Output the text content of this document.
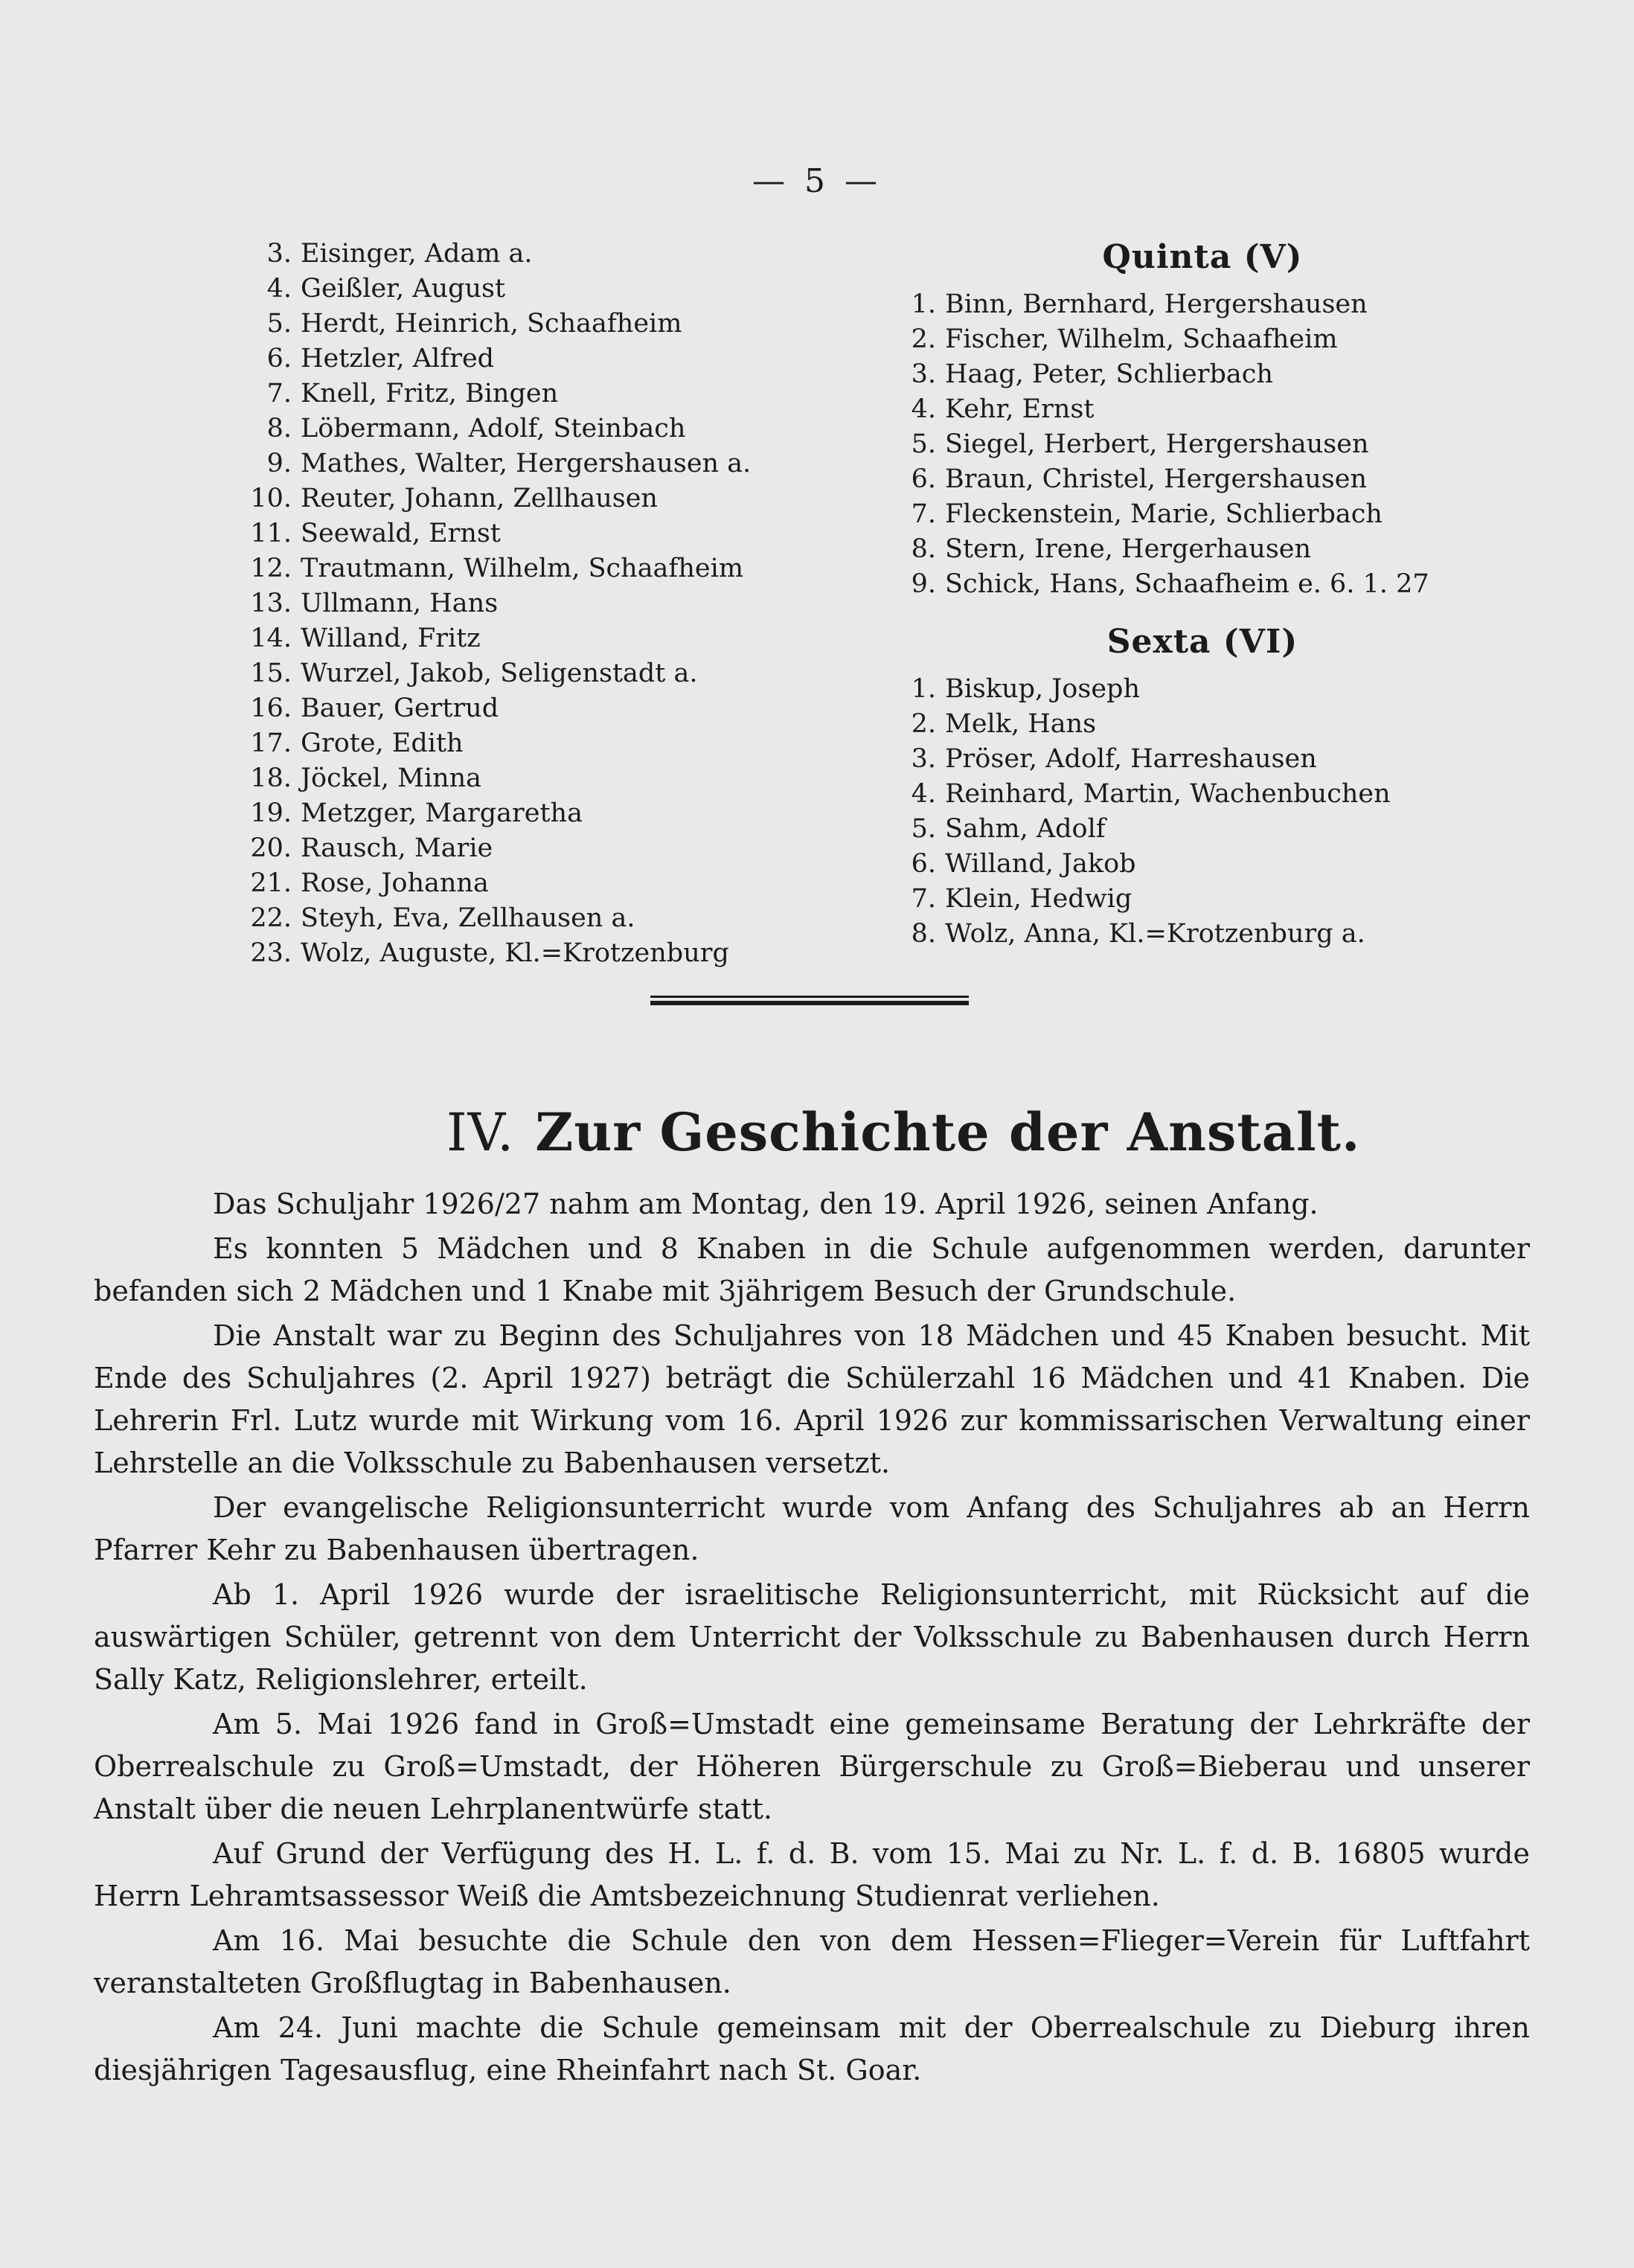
— 5 —
3. Eisinger, Adam a.
4. Geißler, August
5. Herdt, Heinrich, Schaafheim
6. Hetzler, Alfred
7. Knell, Fritz, Bingen
8. Löbermann, Adolf, Steinbach
9. Mathes, Walter, Hergershausen a.
10. Reuter, Johann, Zellhausen
11. Seewald, Ernst
12. Trautmann, Wilhelm, Schaafheim
13. Ullmann, Hans
14. Willand, Fritz
15. Wurzel, Jakob, Seligenstadt a.
16. Bauer, Gertrud
17. Grote, Edith
18. Jöckel, Minna
19. Metzger, Margaretha
20. Rausch, Marie
21. Rose, Johanna
22. Steyh, Eva, Zellhausen a.
23. Wolz, Auguste, Kl.=Krotzenburg
Quinta (V)
1. Binn, Bernhard, Hergershausen
2. Fischer, Wilhelm, Schaafheim
3. Haag, Peter, Schlierbach
4. Kehr, Ernst
5. Siegel, Herbert, Hergershausen
6. Braun, Christel, Hergershausen
7. Fleckenstein, Marie, Schlierbach
8. Stern, Irene, Hergerhausen
9. Schick, Hans, Schaafheim e. 6. 1. 27
Sexta (VI)
1. Biskup, Joseph
2. Melk, Hans
3. Pröser, Adolf, Harreshausen
4. Reinhard, Martin, Wachenbuchen
5. Sahm, Adolf
6. Willand, Jakob
7. Klein, Hedwig
8. Wolz, Anna, Kl.=Krotzenburg a.
IV. Zur Geschichte der Anstalt.

Das Schuljahr 1926/27 nahm am Montag, den 19. April 1926, seinen Anfang.

Es konnten 5 Mädchen und 8 Knaben in die Schule aufgenommen werden, darunter befanden sich 2 Mädchen und 1 Knabe mit 3jährigem Besuch der Grundschule.

Die Anstalt war zu Beginn des Schuljahres von 18 Mädchen und 45 Knaben besucht. Mit Ende des Schuljahres (2. April 1927) beträgt die Schülerzahl 16 Mädchen und 41 Knaben. Die Lehrerin Frl. Lutz wurde mit Wirkung vom 16. April 1926 zur kommissarischen Verwaltung einer Lehrstelle an die Volksschule zu Babenhausen versetzt.

Der evangelische Religionsunterricht wurde vom Anfang des Schuljahres ab an Herrn Pfarrer Kehr zu Babenhausen übertragen.

Ab 1. April 1926 wurde der israelitische Religionsunterricht, mit Rücksicht auf die auswärtigen Schüler, getrennt von dem Unterricht der Volksschule zu Babenhausen durch Herrn Sally Katz, Religionslehrer, erteilt.

Am 5. Mai 1926 fand in Groß=Umstadt eine gemeinsame Beratung der Lehrkräfte der Oberrealschule zu Groß=Umstadt, der Höheren Bürgerschule zu Groß=Bieberau und unserer Anstalt über die neuen Lehrplanentwürfe statt.

Auf Grund der Verfügung des H. L. f. d. B. vom 15. Mai zu Nr. L. f. d. B. 16805 wurde Herrn Lehramtsassessor Weiß die Amtsbezeichnung Studienrat verliehen.

Am 16. Mai besuchte die Schule den von dem Hessen=Flieger=Verein für Luftfahrt veranstalteten Großflugtag in Babenhausen.

Am 24. Juni machte die Schule gemeinsam mit der Oberrealschule zu Dieburg ihren diesjährigen Tagesausflug, eine Rheinfahrt nach St. Goar.
